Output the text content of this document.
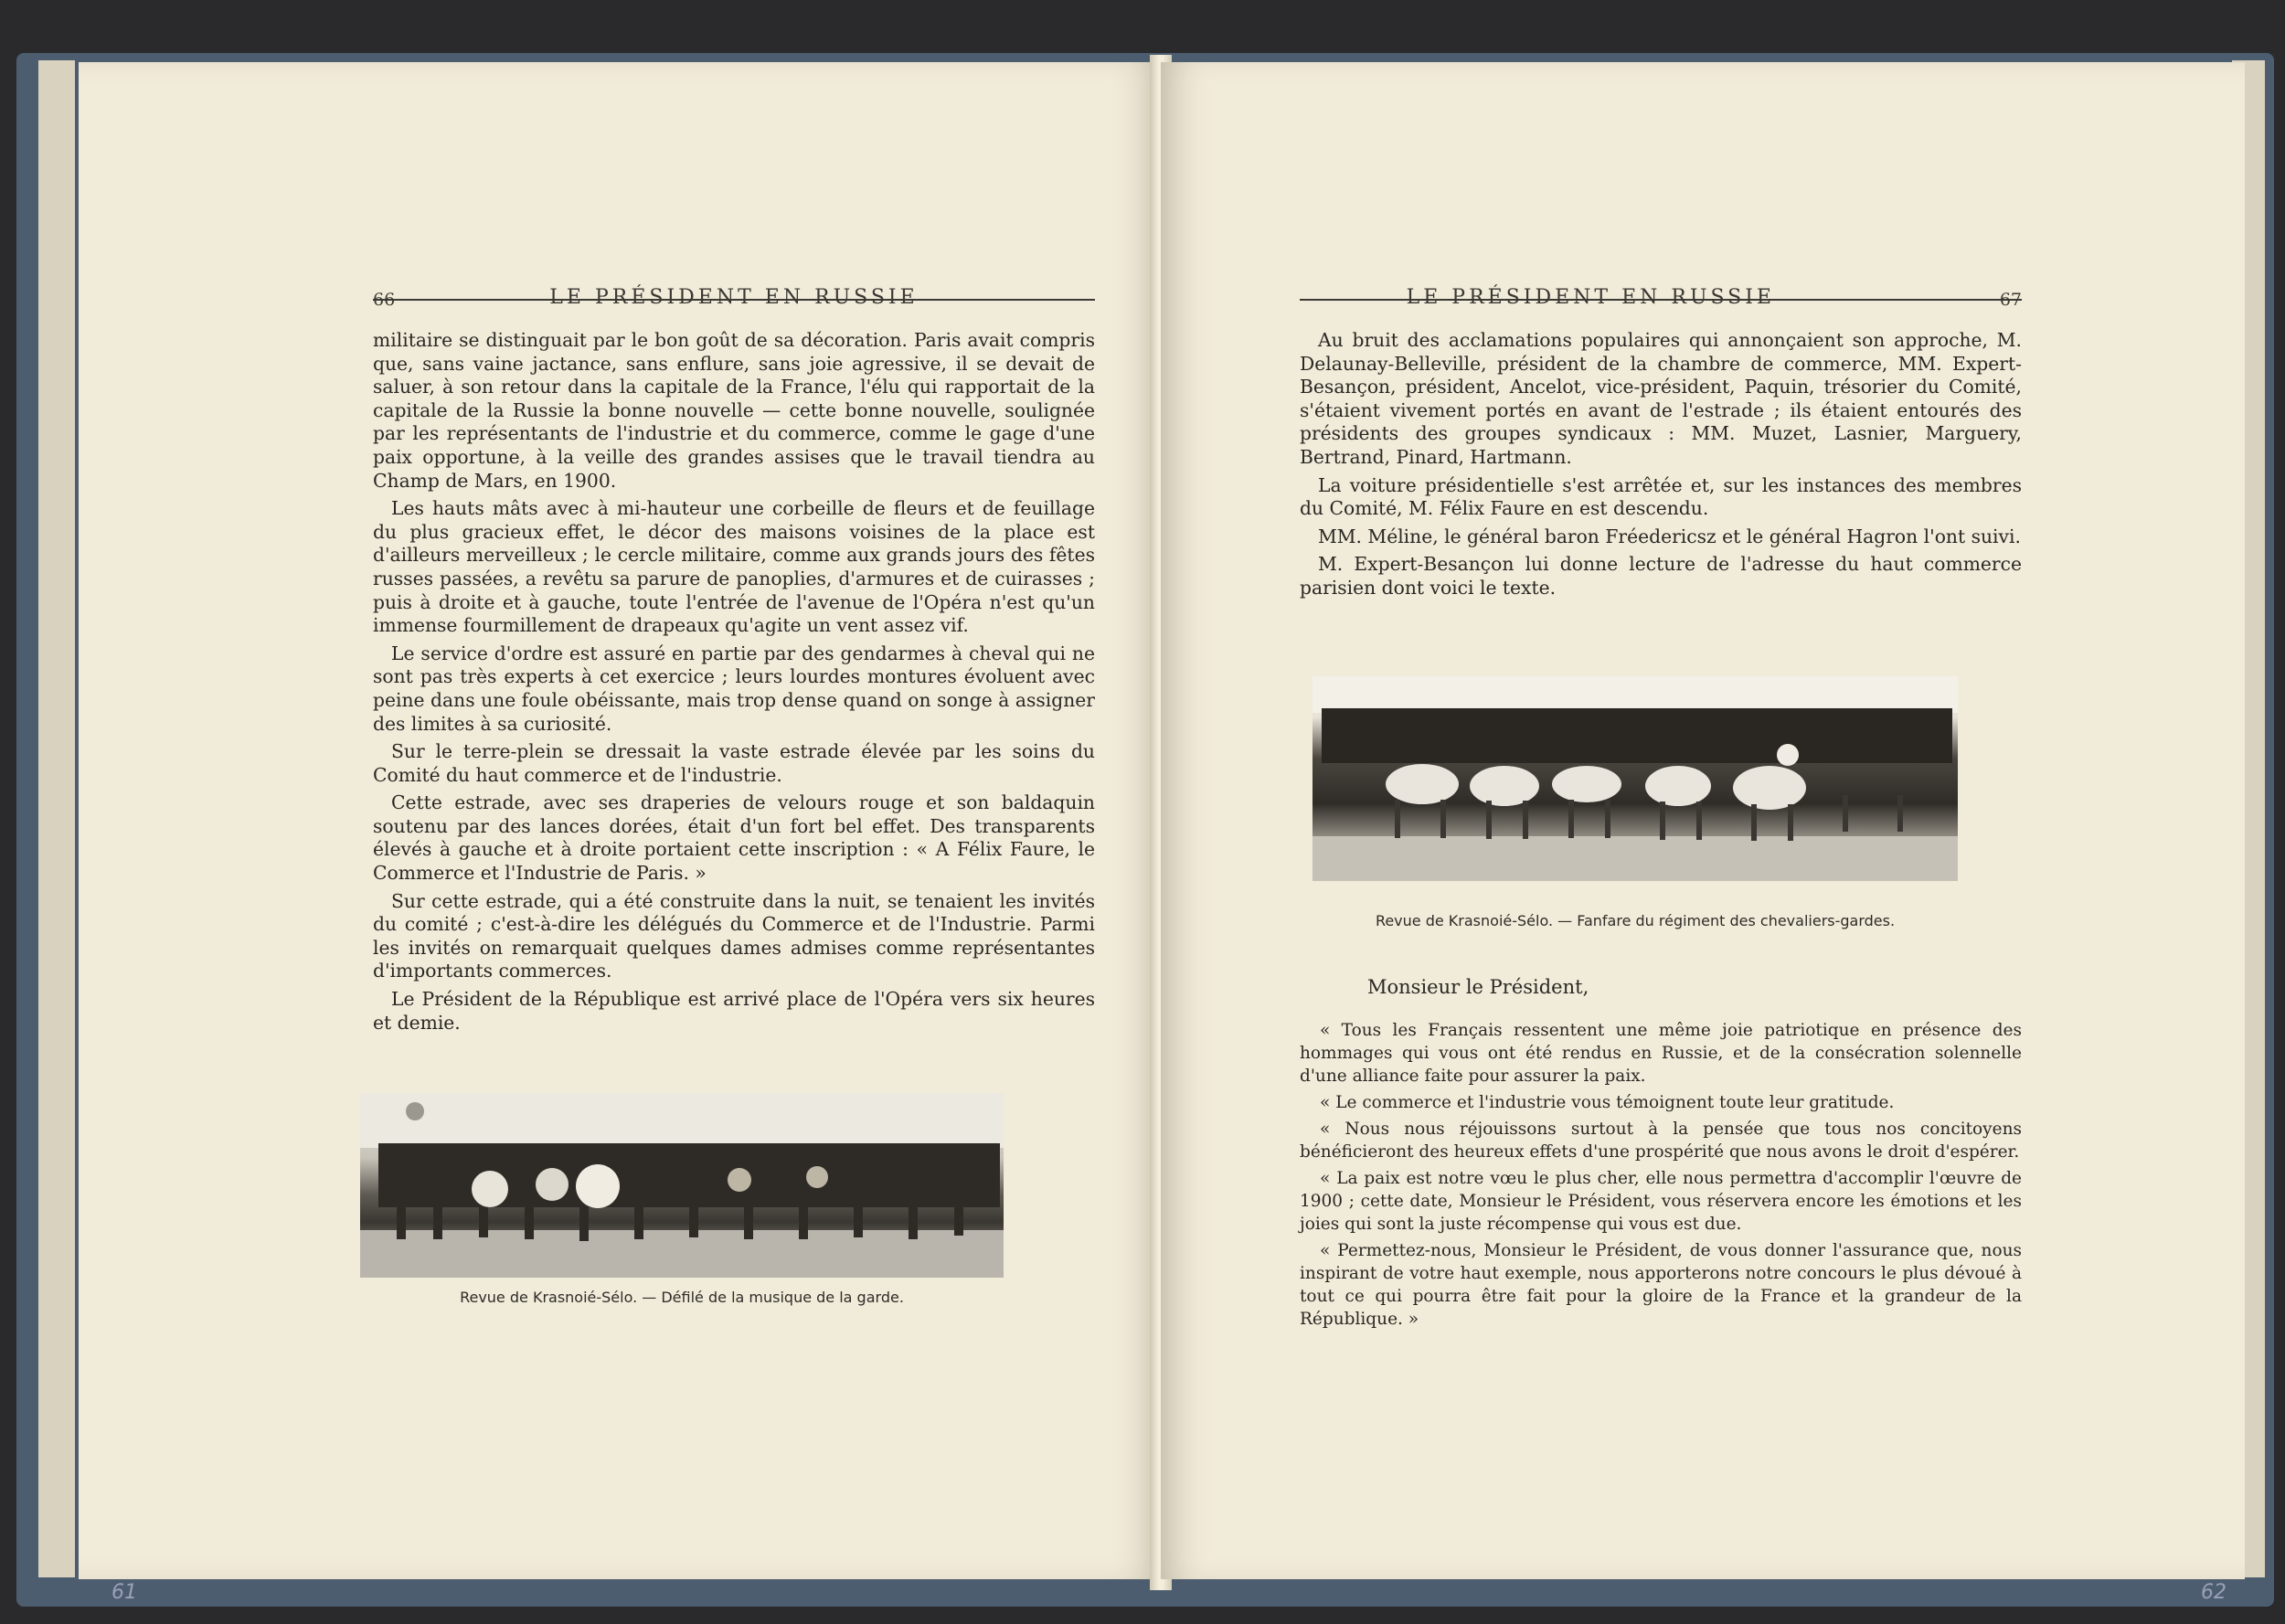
66	LE PRÉSIDENT EN RUSSIE

militaire se distinguait par le bon goût de sa décoration. Paris avait compris que, sans vaine jactance, sans enflure, sans joie agressive, il se devait de saluer, à son retour dans la capitale de la France, l'élu qui rapportait de la capitale de la Russie la bonne nouvelle — cette bonne nouvelle, soulignée par les représentants de l'industrie et du commerce, comme le gage d'une paix opportune, à la veille des grandes assises que le travail tiendra au Champ de Mars, en 1900.

Les hauts mâts avec à mi-hauteur une corbeille de fleurs et de feuillage du plus gracieux effet, le décor des maisons voisines de la place est d'ailleurs merveilleux ; le cercle militaire, comme aux grands jours des fêtes russes passées, a revêtu sa parure de panoplies, d'armures et de cuirasses ; puis à droite et à gauche, toute l'entrée de l'avenue de l'Opéra n'est qu'un immense fourmillement de drapeaux qu'agite un vent assez vif.

Le service d'ordre est assuré en partie par des gendarmes à cheval qui ne sont pas très experts à cet exercice ; leurs lourdes montures évoluent avec peine dans une foule obéissante, mais trop dense quand on songe à assigner des limites à sa curiosité.

Sur le terre-plein se dressait la vaste estrade élevée par les soins du Comité du haut commerce et de l'industrie.

Cette estrade, avec ses draperies de velours rouge et son baldaquin soutenu par des lances dorées, était d'un fort bel effet. Des transparents élevés à gauche et à droite portaient cette inscription : « A Félix Faure, le Commerce et l'Industrie de Paris. »

Sur cette estrade, qui a été construite dans la nuit, se tenaient les invités du comité ; c'est-à-dire les délégués du Commerce et de l'Industrie. Parmi les invités on remarquait quelques dames admises comme représentantes d'importants commerces.

Le Président de la République est arrivé place de l'Opéra vers six heures et demie.

Revue de Krasnoié-Sélo. — Défilé de la musique de la garde.
61
LE PRÉSIDENT EN RUSSIE	67

Au bruit des acclamations populaires qui annonçaient son approche, M. Delaunay-Belleville, président de la chambre de commerce, MM. Expert-Besançon, président, Ancelot, vice-président, Paquin, trésorier du Comité, s'étaient vivement portés en avant de l'estrade ; ils étaient entourés des présidents des groupes syndicaux : MM. Muzet, Lasnier, Marguery, Bertrand, Pinard, Hartmann.

La voiture présidentielle s'est arrêtée et, sur les instances des membres du Comité, M. Félix Faure en est descendu.

MM. Méline, le général baron Fréedericsz et le général Hagron l'ont suivi.

M. Expert-Besançon lui donne lecture de l'adresse du haut commerce parisien dont voici le texte.

Revue de Krasnoié-Sélo. — Fanfare du régiment des chevaliers-gardes.
Monsieur le Président,

« Tous les Français ressentent une même joie patriotique en présence des hommages qui vous ont été rendus en Russie, et de la consécration solennelle d'une alliance faite pour assurer la paix.

« Le commerce et l'industrie vous témoignent toute leur gratitude.

« Nous nous réjouissons surtout à la pensée que tous nos concitoyens bénéficieront des heureux effets d'une prospérité que nous avons le droit d'espérer.

« La paix est notre vœu le plus cher, elle nous permettra d'accomplir l'œuvre de 1900 ; cette date, Monsieur le Président, vous réservera encore les émotions et les joies qui sont la juste récompense qui vous est due.

« Permettez-nous, Monsieur le Président, de vous donner l'assurance que, nous inspirant de votre haut exemple, nous apporterons notre concours le plus dévoué à tout ce qui pourra être fait pour la gloire de la France et la grandeur de la République. »

62
